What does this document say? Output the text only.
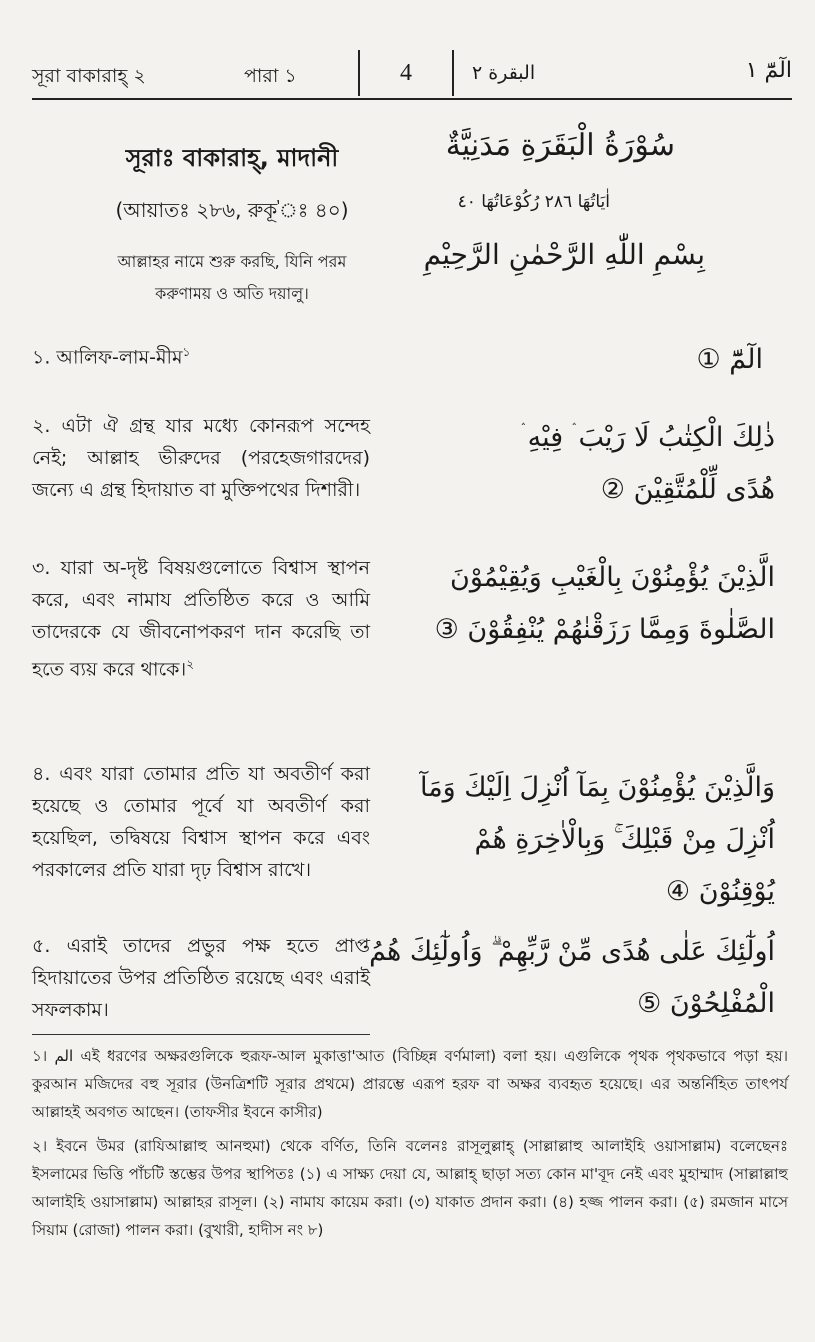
সূরা বাকারাহ্ ২	পারা ১	4	البقرة ٢	الٓمّٓ ١
সূরাঃ বাকারাহ্, মাদানী
(আয়াতঃ ২৮৬, রুকূ'ঃ ৪০)
আল্লাহর নামে শুরু করছি, যিনি পরম
করুণাময় ও অতি দয়ালু।
سُوْرَةُ الْبَقَرَةِ مَدَنِيَّةٌ
اٰيَاتُهَا ٢٨٦ رُكُوْعَاتُهَا ٤٠
بِسْمِ اللّٰهِ الرَّحْمٰنِ الرَّحِيْمِ
১. আলিফ-লাম-মীম$^১$	الٓمّٓ ①
২. এটা ঐ গ্রন্থ যার মধ্যে কোনরূপ সন্দেহ নেই; আল্লাহ ভীরুদের (পরহেজগারদের) জন্যে এ গ্রন্থ হিদায়াত বা মুক্তিপথের দিশারী।
ذٰلِكَ الْكِتٰبُ لَا رَيْبَ ۛ فِيْهِ ۛ
هُدًى لِّلْمُتَّقِيْنَ ②
৩. যারা অ-দৃষ্ট বিষয়গুলোতে বিশ্বাস স্থাপন করে, এবং নামায প্রতিষ্ঠিত করে ও আমি তাদেরকে যে জীবনোপকরণ দান করেছি তা হতে ব্যয় করে থাকে।$^২$
الَّذِيْنَ يُؤْمِنُوْنَ بِالْغَيْبِ وَيُقِيْمُوْنَ
الصَّلٰوةَ وَمِمَّا رَزَقْنٰهُمْ يُنْفِقُوْنَ ③
৪. এবং যারা তোমার প্রতি যা অবতীর্ণ করা হয়েছে ও তোমার পূর্বে যা অবতীর্ণ করা হয়েছিল, তদ্বিষয়ে বিশ্বাস স্থাপন করে এবং পরকালের প্রতি যারা দৃঢ় বিশ্বাস রাখে।
وَالَّذِيْنَ يُؤْمِنُوْنَ بِمَآ اُنْزِلَ اِلَيْكَ وَمَآ
اُنْزِلَ مِنْ قَبْلِكَ ۚ وَبِالْاٰخِرَةِ هُمْ
يُوْقِنُوْنَ ④
৫. এরাই তাদের প্রভুর পক্ষ হতে প্রাপ্ত হিদায়াতের উপর প্রতিষ্ঠিত রয়েছে এবং এরাই সফলকাম।
اُولٰٓئِكَ عَلٰى هُدًى مِّنْ رَّبِّهِمْ ۗ وَاُولٰٓئِكَ هُمُ
الْمُفْلِحُوْنَ ⑤
১। الم এই ধরণের অক্ষরগুলিকে হুরূফ-আল মুকাত্তা'আত (বিচ্ছিন্ন বর্ণমালা) বলা হয়। এগুলিকে পৃথক পৃথকভাবে পড়া হয়। কুরআন মজিদের বহু সূরার (উনত্রিশটি সূরার প্রথমে) প্রারম্ভে এরূপ হরফ বা অক্ষর ব্যবহৃত হয়েছে। এর অন্তর্নিহিত তাৎপর্য আল্লাহই অবগত আছেন। (তাফসীর ইবনে কাসীর)
২। ইবনে উমর (রাযিআল্লাহু আনহুমা) থেকে বর্ণিত, তিনি বলেনঃ রাসূলুল্লাহ্ (সাল্লাল্লাহু আলাইহি ওয়াসাল্লাম) বলেছেনঃ ইসলামের ভিত্তি পাঁচটি স্তম্ভের উপর স্থাপিতঃ (১) এ সাক্ষ্য দেয়া যে, আল্লাহ্ ছাড়া সত্য কোন মা'বূদ নেই এবং মুহাম্মাদ (সাল্লাল্লাহু আলাইহি ওয়াসাল্লাম) আল্লাহর রাসূল। (২) নামায কায়েম করা। (৩) যাকাত প্রদান করা। (৪) হজ্জ পালন করা। (৫) রমজান মাসে সিয়াম (রোজা) পালন করা। (বুখারী, হাদীস নং ৮)
